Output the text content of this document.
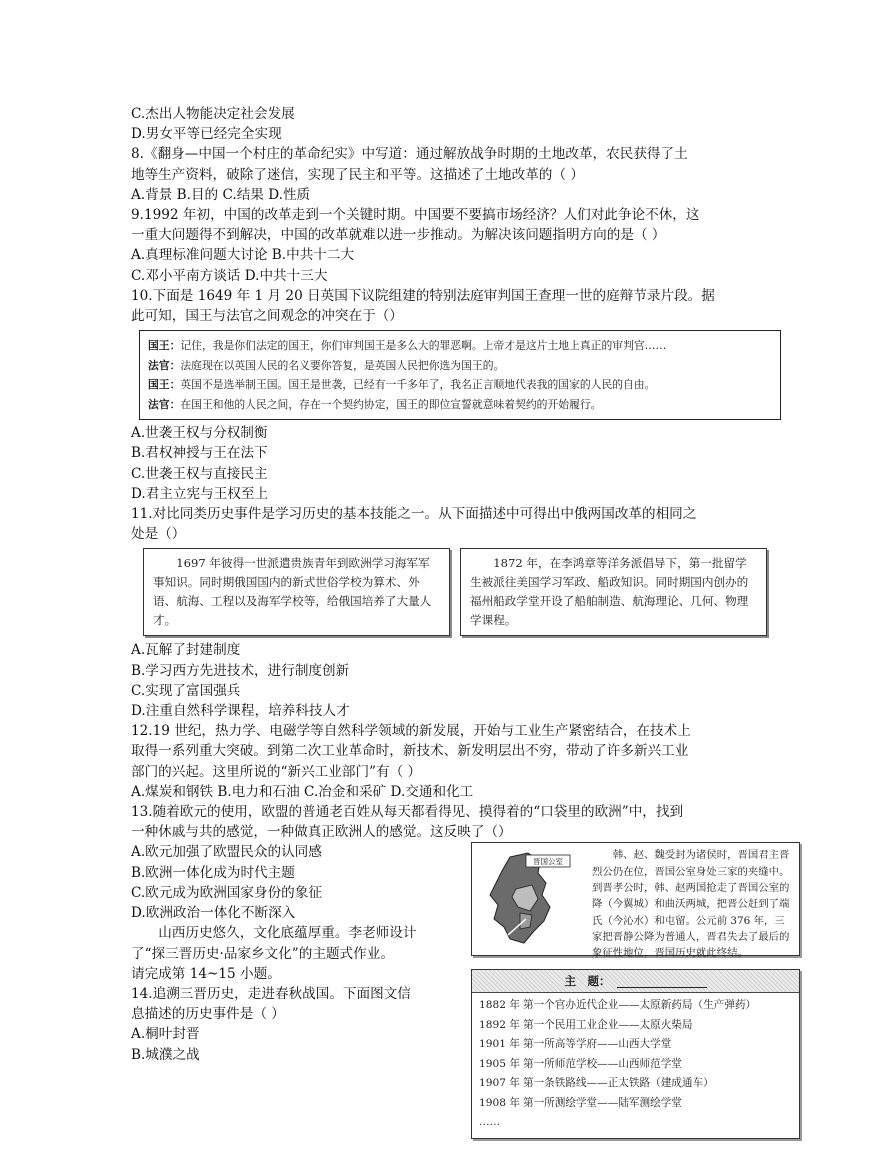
C.杰出人物能决定社会发展
D.男女平等已经完全实现
8.《翻身—中国一个村庄的革命纪实》中写道：通过解放战争时期的土地改革，农民获得了土
地等生产资料，破除了迷信，实现了民主和平等。这描述了土地改革的（ ）
A.背景 B.目的 C.结果 D.性质
9.1992 年初，中国的改革走到一个关键时期。中国要不要搞市场经济？人们对此争论不休，这
一重大问题得不到解决，中国的改革就难以进一步推动。为解决该问题指明方向的是（ ）
A.真理标准问题大讨论 B.中共十二大
C.邓小平南方谈话 D.中共十三大
10.下面是 1649 年 1 月 20 日英国下议院组建的特别法庭审判国王查理一世的庭辩节录片段。据
此可知，国王与法官之间观念的冲突在于（）
国王：记住，我是你们法定的国王，你们审判国王是多么大的罪恶啊。上帝才是这片土地上真正的审判官……
法官：法庭现在以英国人民的名义要你答复，是英国人民把你选为国王的。
国王：英国不是选举制王国。国王是世袭，已经有一千多年了，我名正言顺地代表我的国家的人民的自由。
法官：在国王和他的人民之间，存在一个契约协定，国王的即位宣誓就意味着契约的开始履行。
A.世袭王权与分权制衡
B.君权神授与王在法下
C.世袭王权与直接民主
D.君主立宪与王权至上
11.对比同类历史事件是学习历史的基本技能之一。从下面描述中可得出中俄两国改革的相同之
处是（）

1697 年彼得一世派遣贵族青年到欧洲学习海军军事知识。同时期俄国国内的新式世俗学校为算术、外语、航海、工程以及海军学校等，给俄国培养了大量人才。

1872 年，在李鸿章等洋务派倡导下，第一批留学生被派往美国学习军政、船政知识。同时期国内创办的福州船政学堂开设了船舶制造、航海理论、几何、物理学课程。

A.瓦解了封建制度
B.学习西方先进技术，进行制度创新
C.实现了富国强兵
D.注重自然科学课程，培养科技人才
12.19 世纪，热力学、电磁学等自然科学领域的新发展，开始与工业生产紧密结合，在技术上
取得一系列重大突破。到第二次工业革命时，新技术、新发明层出不穷，带动了许多新兴工业
部门的兴起。这里所说的“新兴工业部门”有（ ）
A.煤炭和钢铁 B.电力和石油 C.冶金和采矿 D.交通和化工
13.随着欧元的使用，欧盟的普通老百姓从每天都看得见、摸得着的“口袋里的欧洲”中，找到
一种休戚与共的感觉，一种做真正欧洲人的感觉。这反映了（）
A.欧元加强了欧盟民众的认同感
B.欧洲一体化成为时代主题
C.欧元成为欧洲国家身份的象征
D.欧洲政治一体化不断深入
山西历史悠久，文化底蕴厚重。李老师设计
了“探三晋历史·品家乡文化”的主题式作业。
请完成第 14~15 小题。
14.追溯三晋历史，走进春秋战国。下面图文信
息描述的历史事件是（ ）
A.桐叶封晋
B.城濮之战
晋国公室
韩、赵、魏受封为诸侯时，晋国君主晋烈公仍在位，晋国公室身处三家的夹缝中。到晋孝公时，韩、赵两国抢走了晋国公室的降（今翼城）和曲沃两城，把晋公赶到了端氏（今沁水）和屯留。公元前 376 年，三家把晋静公降为普通人，晋君失去了最后的象征性地位，晋国历史就此终结。
主　题：
1882 年 第一个官办近代企业——太原新药局（生产弹药）
1892 年 第一个民用工业企业——太原火柴局
1901 年 第一所高等学府——山西大学堂
1905 年 第一所师范学校——山西师范学堂
1907 年 第一条铁路线——正太铁路（建成通车）
1908 年 第一所测绘学堂——陆军测绘学堂
……
